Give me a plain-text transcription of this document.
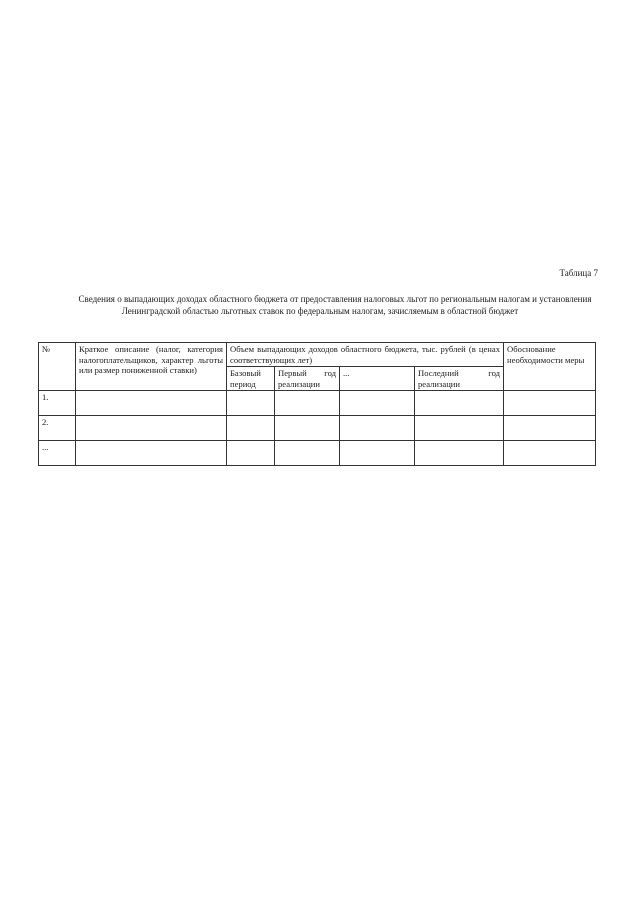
Таблица 7
Сведения о выпадающих доходах областного бюджета от предоставления налоговых льгот по региональным налогам и установления Ленинградской областью льготных ставок по федеральным налогам, зачисляемым в областной бюджет
№	Краткое описание (налог, категория налогоплательщиков, характер льготы или размер пониженной ставки)	Объем выпадающих доходов областного бюджета, тыс. рублей (в ценах соответствующих лет)				Обоснование необходимости меры
		Базовый период	Первый год реализации	...	Последний год реализации	
1.						
2.						
...						
